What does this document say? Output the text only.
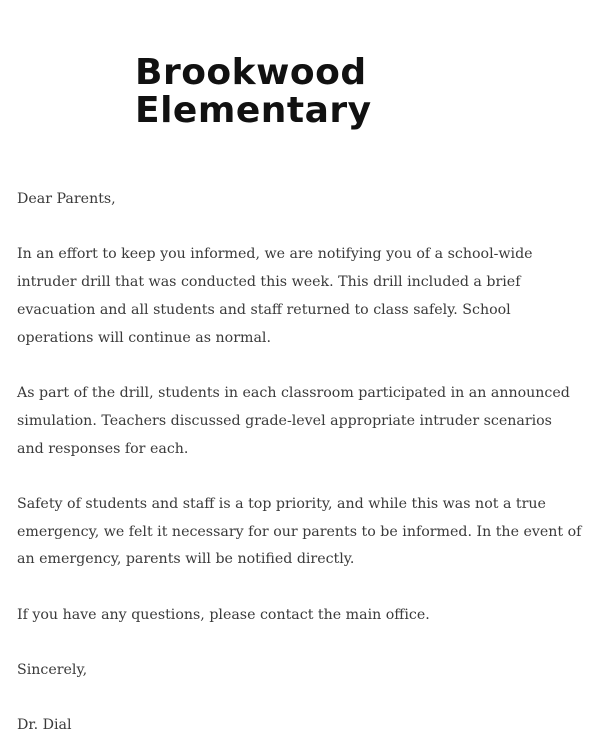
Brookwood
Elementary

Dear Parents,

In an effort to keep you informed, we are notifying you of a school-wide intruder drill that was conducted this week. This drill included a brief evacuation and all students and staff returned to class safely. School operations will continue as normal.

As part of the drill, students in each classroom participated in an announced simulation. Teachers discussed grade-level appropriate intruder scenarios and responses for each.

Safety of students and staff is a top priority, and while this was not a true emergency, we felt it necessary for our parents to be informed. In the event of an emergency, parents will be notified directly.

If you have any questions, please contact the main office.

Sincerely,

Dr. Dial
